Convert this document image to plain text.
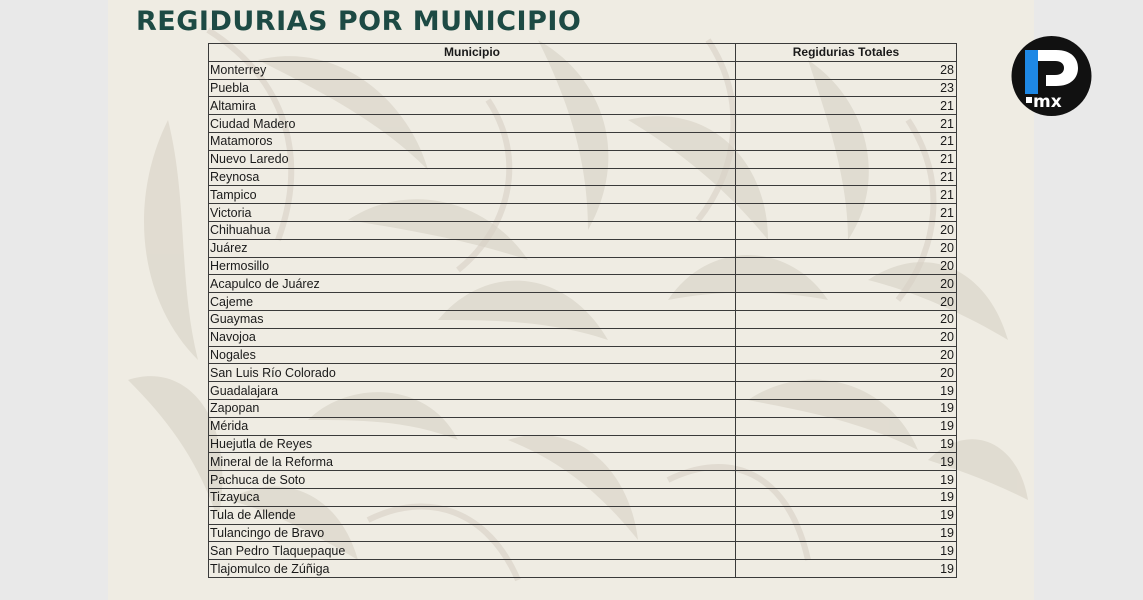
REGIDURIAS POR MUNICIPIO
Municipio	Regidurias Totales
Monterrey	28
Puebla	23
Altamira	21
Ciudad Madero	21
Matamoros	21
Nuevo Laredo	21
Reynosa	21
Tampico	21
Victoria	21
Chihuahua	20
Juárez	20
Hermosillo	20
Acapulco de Juárez	20
Cajeme	20
Guaymas	20
Navojoa	20
Nogales	20
San Luis Río Colorado	20
Guadalajara	19
Zapopan	19
Mérida	19
Huejutla de Reyes	19
Mineral de la Reforma	19
Pachuca de Soto	19
Tizayuca	19
Tula de Allende	19
Tulancingo de Bravo	19
San Pedro Tlaquepaque	19
Tlajomulco de Zúñiga	19
mx
